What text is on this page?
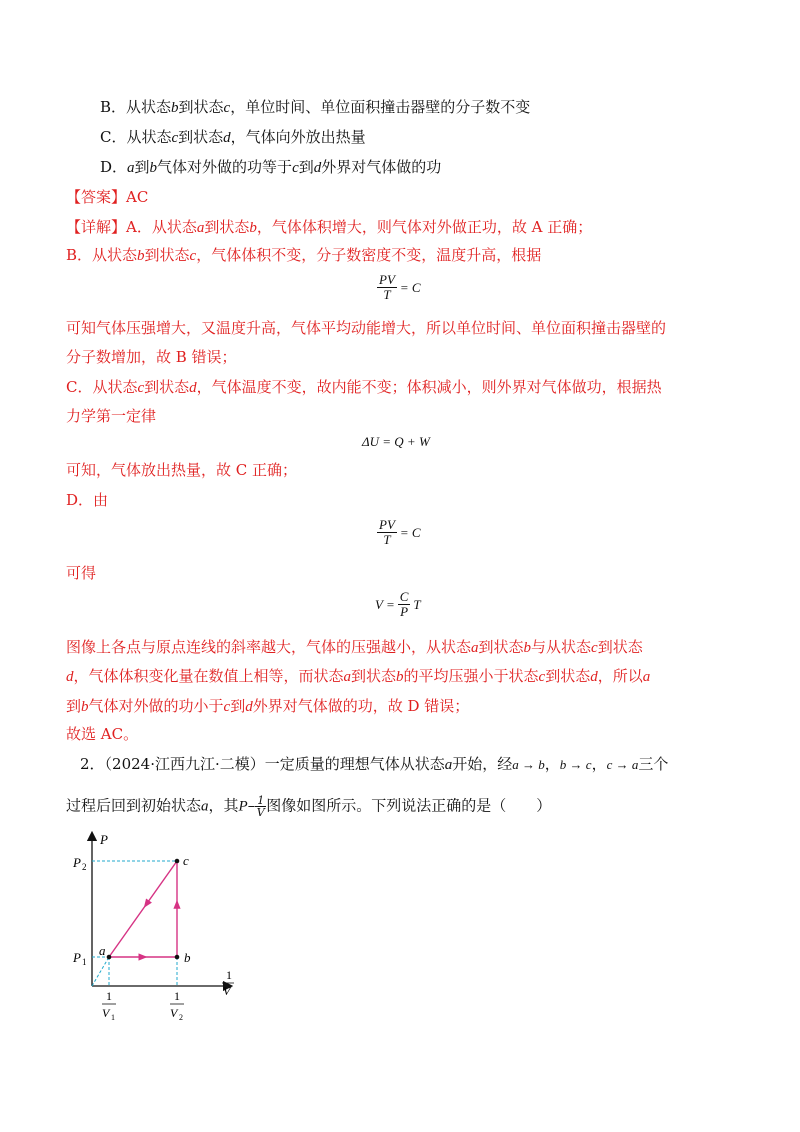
B．从状态b到状态c，单位时间、单位面积撞击器壁的分子数不变
C．从状态c到状态d，气体向外放出热量
D．a到b气体对外做的功等于c到d外界对气体做的功
【答案】AC
【详解】A．从状态a到状态b，气体体积增大，则气体对外做正功，故 A 正确；
B．从状态b到状态c，气体体积不变，分子数密度不变，温度升高，根据
$\frac{PV}{T} = C$
可知气体压强增大，又温度升高，气体平均动能增大，所以单位时间、单位面积撞击器壁的
分子数增加，故 B 错误；
C．从状态c到状态d，气体温度不变，故内能不变；体积减小，则外界对气体做功，根据热
力学第一定律
ΔU = Q + W
可知，气体放出热量，故 C 正确；
D．由
$\frac{PV}{T} = C$
可得
$V = \frac{C}{P}$ T
图像上各点与原点连线的斜率越大，气体的压强越小，从状态a到状态b与从状态c到状态
d，气体体积变化量在数值上相等，而状态a到状态b的平均压强小于状态c到状态d，所以a
到b气体对外做的功小于c到d外界对气体做的功，故 D 错误；
故选 AC。
2．（2024·江西九江·二模）一定质量的理想气体从状态a开始，经a → b，b → c，c → a三个
过程后回到初始状态a，其$P- \frac{1}{V}$ 图像如图所示。下列说法正确的是（　　）
a	b
c
P
1
V
P 2
P 1
1
V 1
1
V 2
